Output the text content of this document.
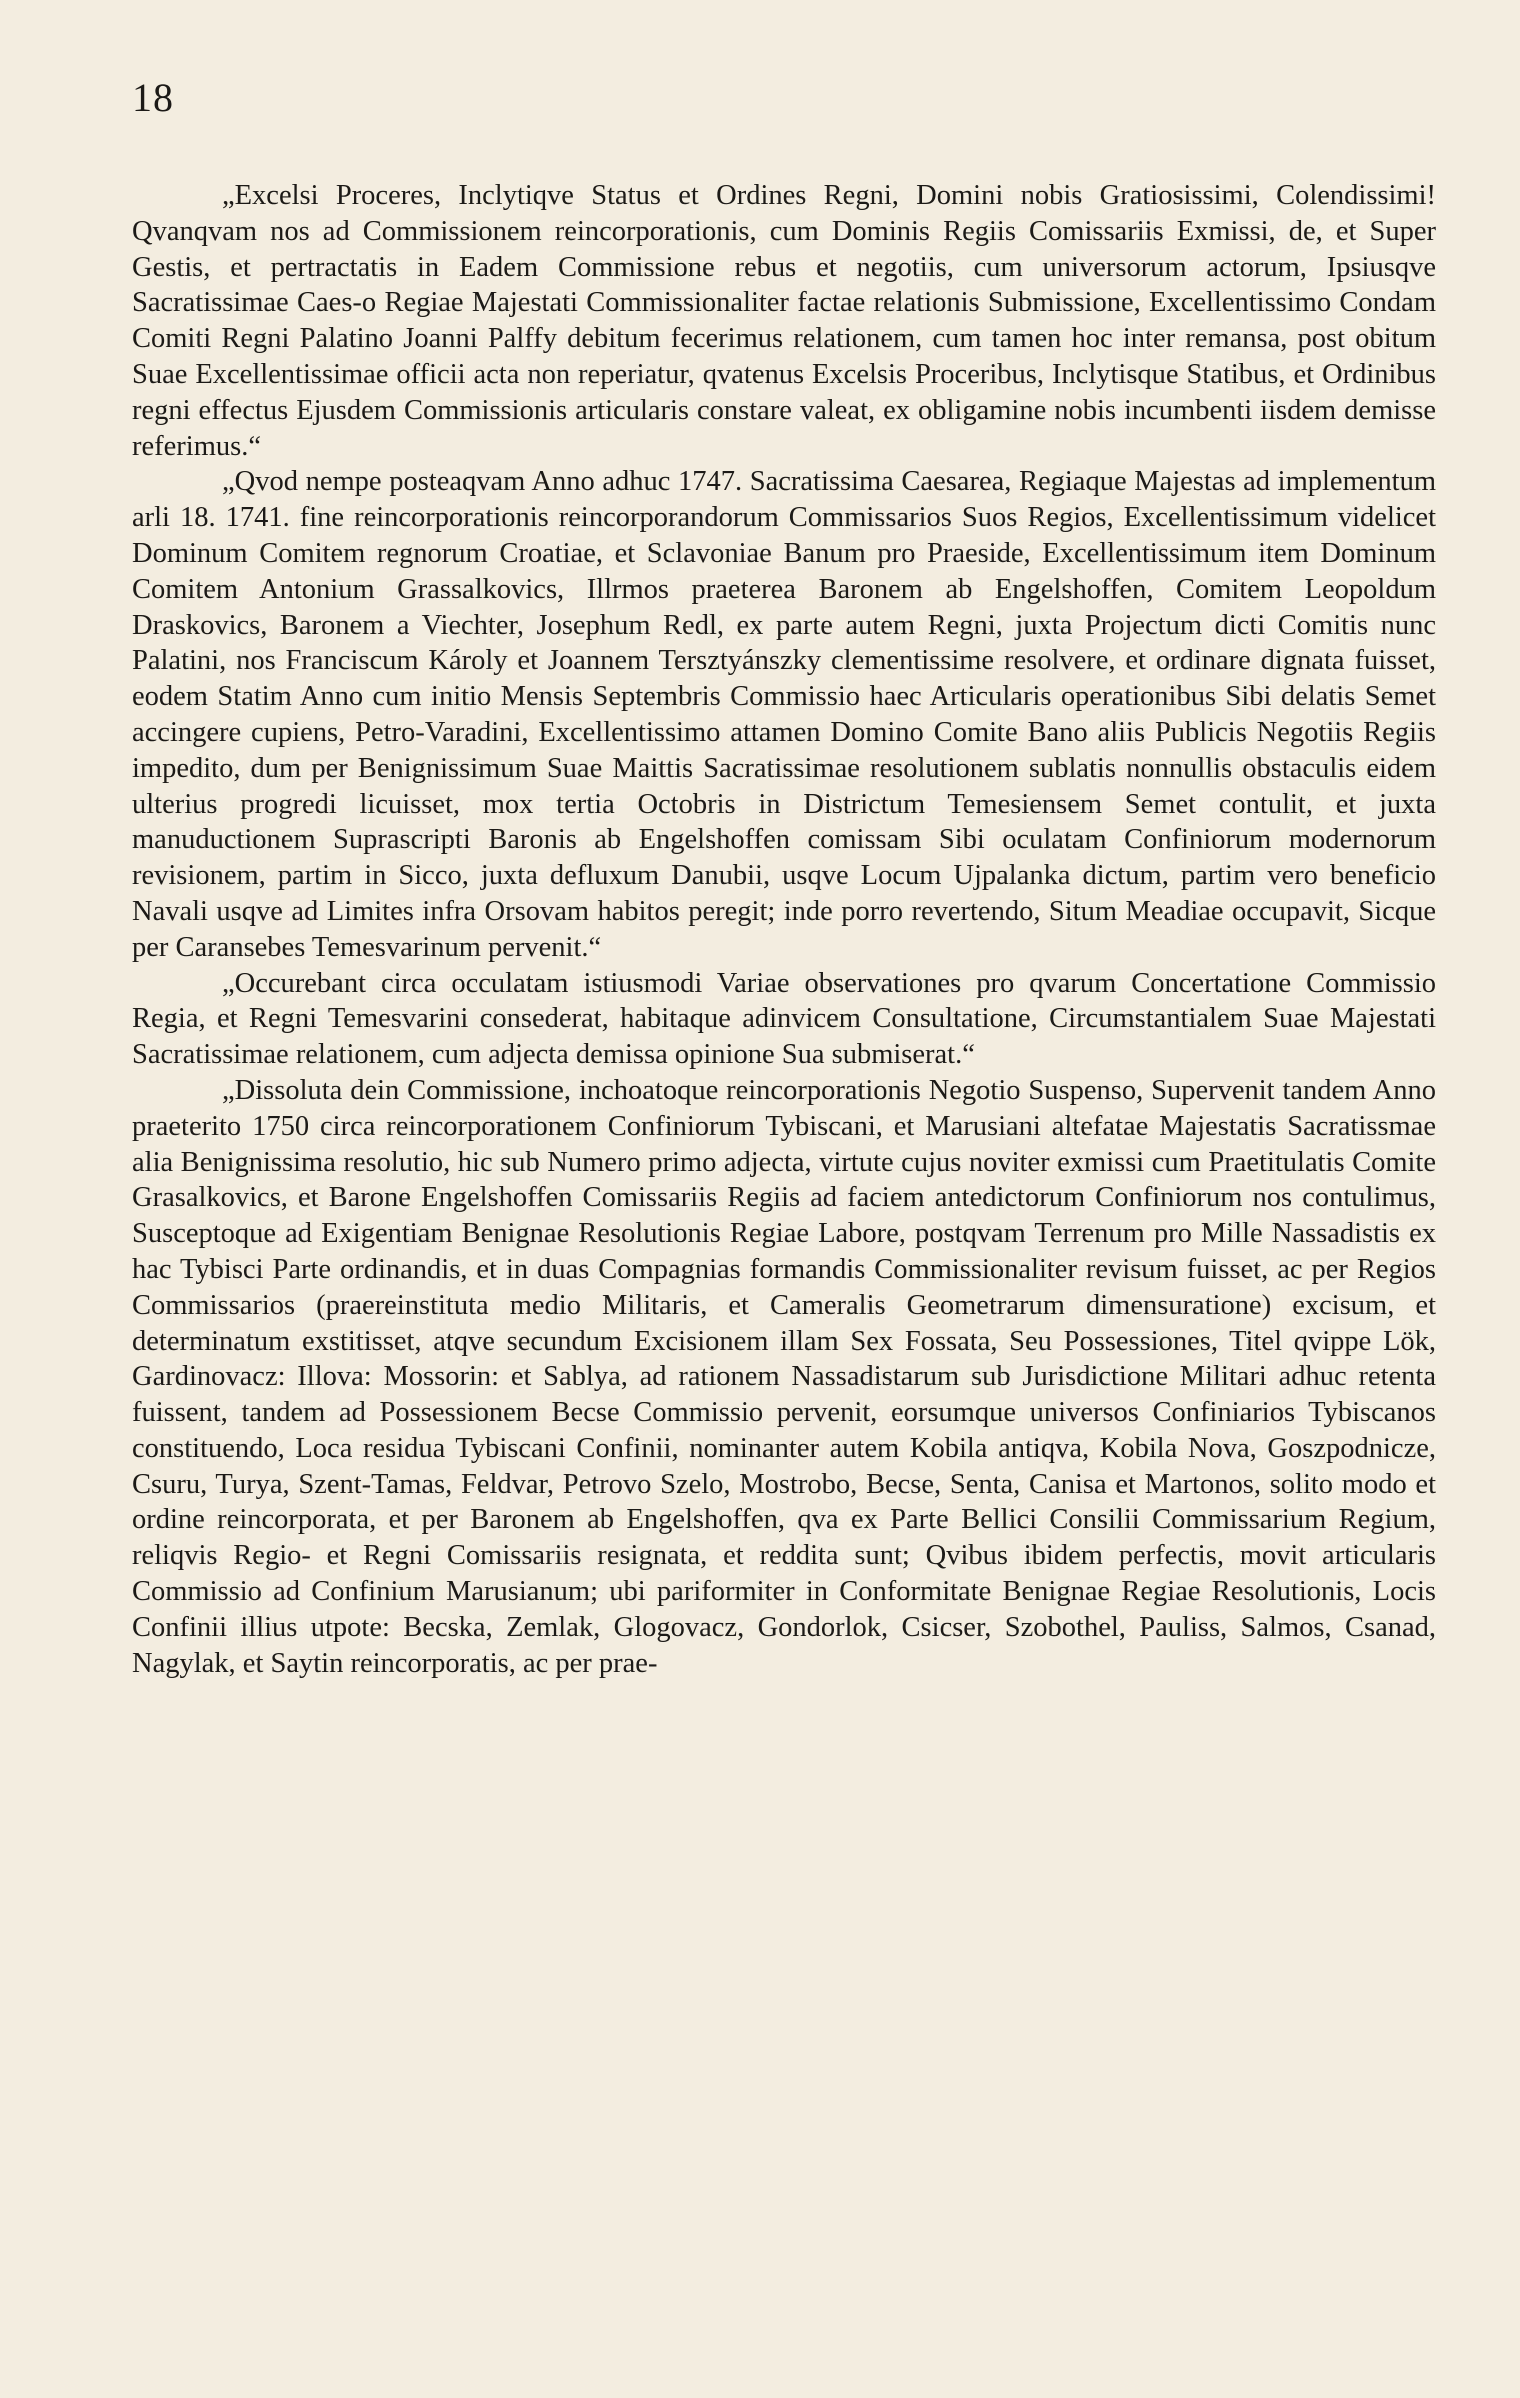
18

„Excelsi Proceres, Inclytiqve Status et Ordines Regni, Domini nobis Gratiosissimi, Colendissimi! Qvanqvam nos ad Commissionem reincorporationis, cum Dominis Regiis Comissariis Exmissi, de, et Super Gestis, et pertractatis in Eadem Commissione rebus et negotiis, cum universorum actorum, Ipsiusqve Sacratissimae Caes-o Regiae Majestati Commissionaliter factae relationis Submissione, Excellentissimo Condam Comiti Regni Palatino Joanni Palffy debitum fecerimus relationem, cum tamen hoc inter remansa, post obitum Suae Excellentissimae officii acta non reperiatur, qvatenus Excelsis Proceribus, Inclytisque Statibus, et Ordinibus regni effectus Ejusdem Commissionis articularis constare valeat, ex obligamine nobis incumbenti iisdem demisse referimus.“

„Qvod nempe posteaqvam Anno adhuc 1747. Sacratissima Caesarea, Regiaque Majestas ad implementum arli 18. 1741. fine reincorporationis reincorporandorum Commissarios Suos Regios, Excellentissimum videlicet Dominum Comitem regnorum Croatiae, et Sclavoniae Banum pro Praeside, Excellentissimum item Dominum Comitem Antonium Grassalkovics, Illrmos praeterea Baronem ab Engelshoffen, Comitem Leopoldum Draskovics, Baronem a Viechter, Josephum Redl, ex parte autem Regni, juxta Projectum dicti Comitis nunc Palatini, nos Franciscum Károly et Joannem Tersztyánszky clementissime resolvere, et ordinare dignata fuisset, eodem Statim Anno cum initio Mensis Septembris Commissio haec Articularis operationibus Sibi delatis Semet accingere cupiens, Petro-Varadini, Excellentissimo attamen Domino Comite Bano aliis Publicis Negotiis Regiis impedito, dum per Benignissimum Suae Maittis Sacratissimae resolutionem sublatis nonnullis obstaculis eidem ulterius progredi licuisset, mox tertia Octobris in Districtum Temesiensem Semet contulit, et juxta manuductionem Suprascripti Baronis ab Engelshoffen comissam Sibi oculatam Confiniorum modernorum revisionem, partim in Sicco, juxta defluxum Danubii, usqve Locum Ujpalanka dictum, partim vero beneficio Navali usqve ad Limites infra Orsovam habitos peregit; inde porro revertendo, Situm Meadiae occupavit, Sicque per Caransebes Temesvarinum pervenit.“

„Occurebant circa occulatam istiusmodi Variae observationes pro qvarum Concertatione Commissio Regia, et Regni Temesvarini consederat, habitaque adinvicem Consultatione, Circumstantialem Suae Majestati Sacratissimae relationem, cum adjecta demissa opinione Sua submiserat.“

„Dissoluta dein Commissione, inchoatoque reincorporationis Negotio Suspenso, Supervenit tandem Anno praeterito 1750 circa reincorporationem Confiniorum Tybiscani, et Marusiani altefatae Majestatis Sacratissmae alia Benignissima resolutio, hic sub Numero primo adjecta, virtute cujus noviter exmissi cum Praetitulatis Comite Grasalkovics, et Barone Engelshoffen Comissariis Regiis ad faciem antedictorum Confiniorum nos contulimus, Susceptoque ad Exigentiam Benignae Resolutionis Regiae Labore, postqvam Terrenum pro Mille Nassadistis ex hac Tybisci Parte ordinandis, et in duas Compagnias formandis Commissionaliter revisum fuisset, ac per Regios Commissarios (praereinstituta medio Militaris, et Cameralis Geometrarum dimensuratione) excisum, et determinatum exstitisset, atqve secundum Excisionem illam Sex Fossata, Seu Possessiones, Titel qvippe Lök, Gardinovacz: Illova: Mossorin: et Sablya, ad rationem Nassadistarum sub Jurisdictione Militari adhuc retenta fuissent, tandem ad Possessionem Becse Commissio pervenit, eorsumque universos Confiniarios Tybiscanos constituendo, Loca residua Tybiscani Confinii, nominanter autem Kobila antiqva, Kobila Nova, Goszpodnicze, Csuru, Turya, Szent-Tamas, Feldvar, Petrovo Szelo, Mostrobo, Becse, Senta, Canisa et Martonos, solito modo et ordine reincorporata, et per Baronem ab Engelshoffen, qva ex Parte Bellici Consilii Commissarium Regium, reliqvis Regio- et Regni Comissariis resignata, et reddita sunt; Qvibus ibidem perfectis, movit articularis Commissio ad Confinium Marusianum; ubi pariformiter in Conformitate Benignae Regiae Resolutionis, Locis Confinii illius utpote: Becska, Zemlak, Glogovacz, Gondorlok, Csicser, Szobothel, Pauliss, Salmos, Csanad, Nagylak, et Saytin reincorporatis, ac per prae-
